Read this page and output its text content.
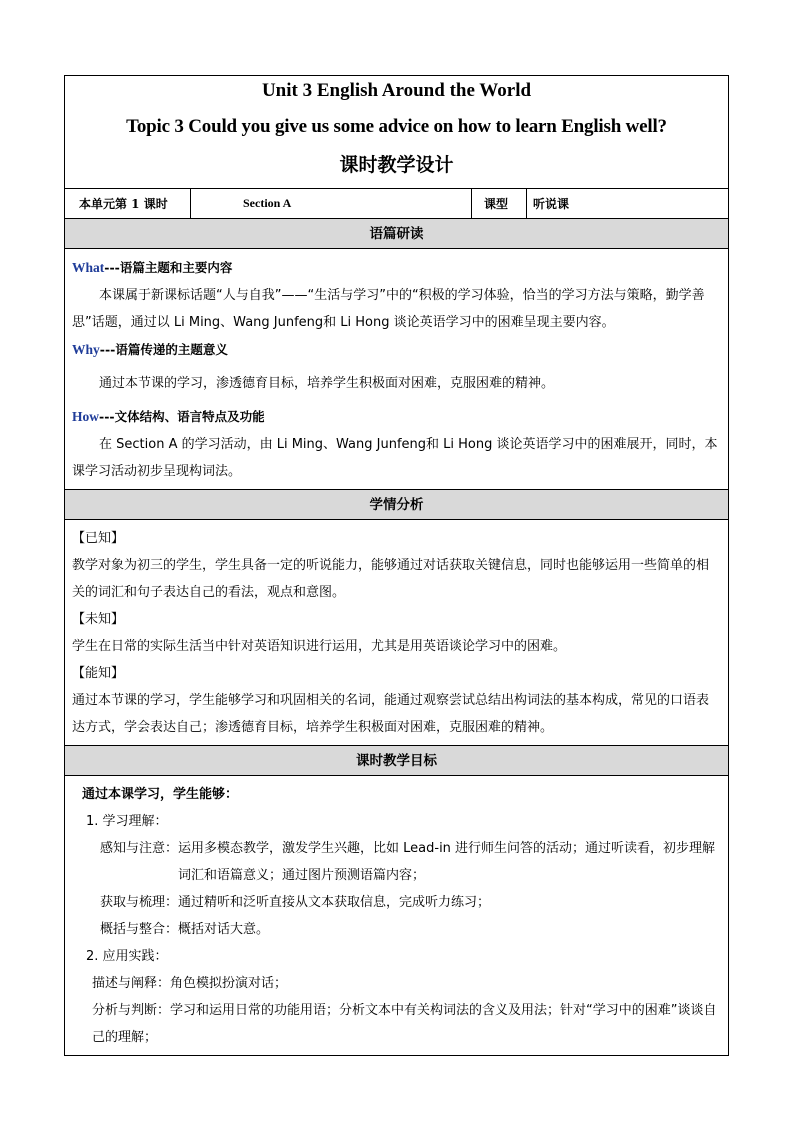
Unit 3 English Around the World
Topic 3 Could you give us some advice on how to learn English well?
课时教学设计
本单元第 1 课时	Section A	课型	听说课
语篇研读

What---语篇主题和主要内容

本课属于新课标话题“人与自我”——“生活与学习”中的“积极的学习体验，恰当的学习方法与策略，勤学善思”话题，通过以 Li Ming、Wang Junfeng和 Li Hong 谈论英语学习中的困难呈现主要内容。

Why---语篇传递的主题意义

通过本节课的学习，渗透德育目标，培养学生积极面对困难，克服困难的精神。

How---文体结构、语言特点及功能

在 Section A 的学习活动，由 Li Ming、Wang Junfeng和 Li Hong 谈论英语学习中的困难展开，同时，本课学习活动初步呈现构词法。

学情分析

【已知】

教学对象为初三的学生，学生具备一定的听说能力，能够通过对话获取关键信息，同时也能够运用一些简单的相关的词汇和句子表达自己的看法，观点和意图。

【未知】

学生在日常的实际生活当中针对英语知识进行运用，尤其是用英语谈论学习中的困难。

【能知】

通过本节课的学习，学生能够学习和巩固相关的名词，能通过观察尝试总结出构词法的基本构成，常见的口语表达方式，学会表达自己；渗透德育目标，培养学生积极面对困难，克服困难的精神。

课时教学目标

通过本课学习，学生能够：

1. 学习理解：

感知与注意： 运用多模态教学，激发学生兴趣，比如 Lead-in 进行师生问答的活动；通过听读看，初步理解词汇和语篇意义；通过图片预测语篇内容；
获取与梳理： 通过精听和泛听直接从文本获取信息，完成听力练习；
概括与整合： 概括对话大意。

2. 应用实践：

描述与阐释：角色模拟扮演对话；

分析与判断：学习和运用日常的功能用语；分析文本中有关构词法的含义及用法；针对“学习中的困难”谈谈自己的理解；
